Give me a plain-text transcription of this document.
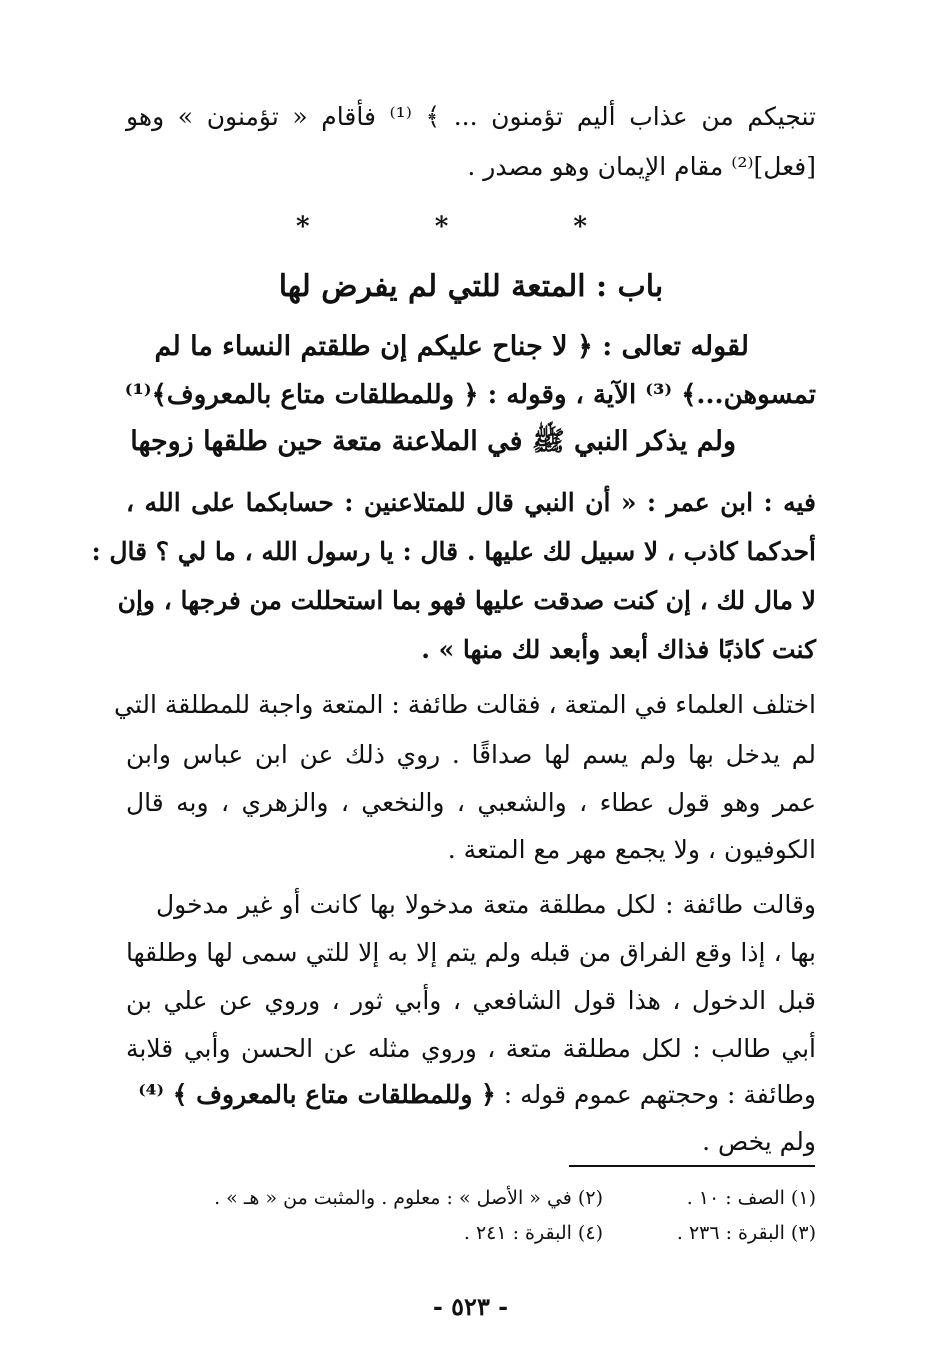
تنجيكم من عذاب أليم تؤمنون ... ﴾ ⁽¹⁾ فأقام « تؤمنون » وهو
[فعل]⁽²⁾ مقام الإيمان وهو مصدر .
* * *
باب : المتعة للتي لم يفرض لها
لقوله تعالى : ﴿ لا جناح عليكم إن طلقتم النساء ما لم
تمسوهن...﴾ ⁽³⁾ الآية ، وقوله : ﴿ وللمطلقات متاع بالمعروف﴾⁽¹⁾
ولم يذكر النبي ﷺ في الملاعنة متعة حين طلقها زوجها
فيه : ابن عمر : « أن النبي قال للمتلاعنين : حسابكما على الله ،
أحدكما كاذب ، لا سبيل لك عليها . قال : يا رسول الله ، ما لي ؟ قال :
لا مال لك ، إن كنت صدقت عليها فهو بما استحللت من فرجها ، وإن
كنت كاذبًا فذاك أبعد وأبعد لك منها » .
اختلف العلماء في المتعة ، فقالت طائفة : المتعة واجبة للمطلقة التي
لم يدخل بها ولم يسم لها صداقًا . روي ذلك عن ابن عباس وابن
عمر وهو قول عطاء ، والشعبي ، والنخعي ، والزهري ، وبه قال
الكوفيون ، ولا يجمع مهر مع المتعة .
وقالت طائفة : لكل مطلقة متعة مدخولا بها كانت أو غير مدخول
بها ، إذا وقع الفراق من قبله ولم يتم إلا به إلا للتي سمى لها وطلقها
قبل الدخول ، هذا قول الشافعي ، وأبي ثور ، وروي عن علي بن
أبي طالب : لكل مطلقة متعة ، وروي مثله عن الحسن وأبي قلابة
وطائفة : وحجتهم عموم قوله : ﴿ وللمطلقات متاع بالمعروف ﴾ ⁽⁴⁾
ولم يخص .
(١) الصف : ١٠ .
(٢) في « الأصل » : معلوم . والمثبت من « هـ » .
(٣) البقرة : ٢٣٦ .
(٤) البقرة : ٢٤١ .
- ٥٢٣ -
